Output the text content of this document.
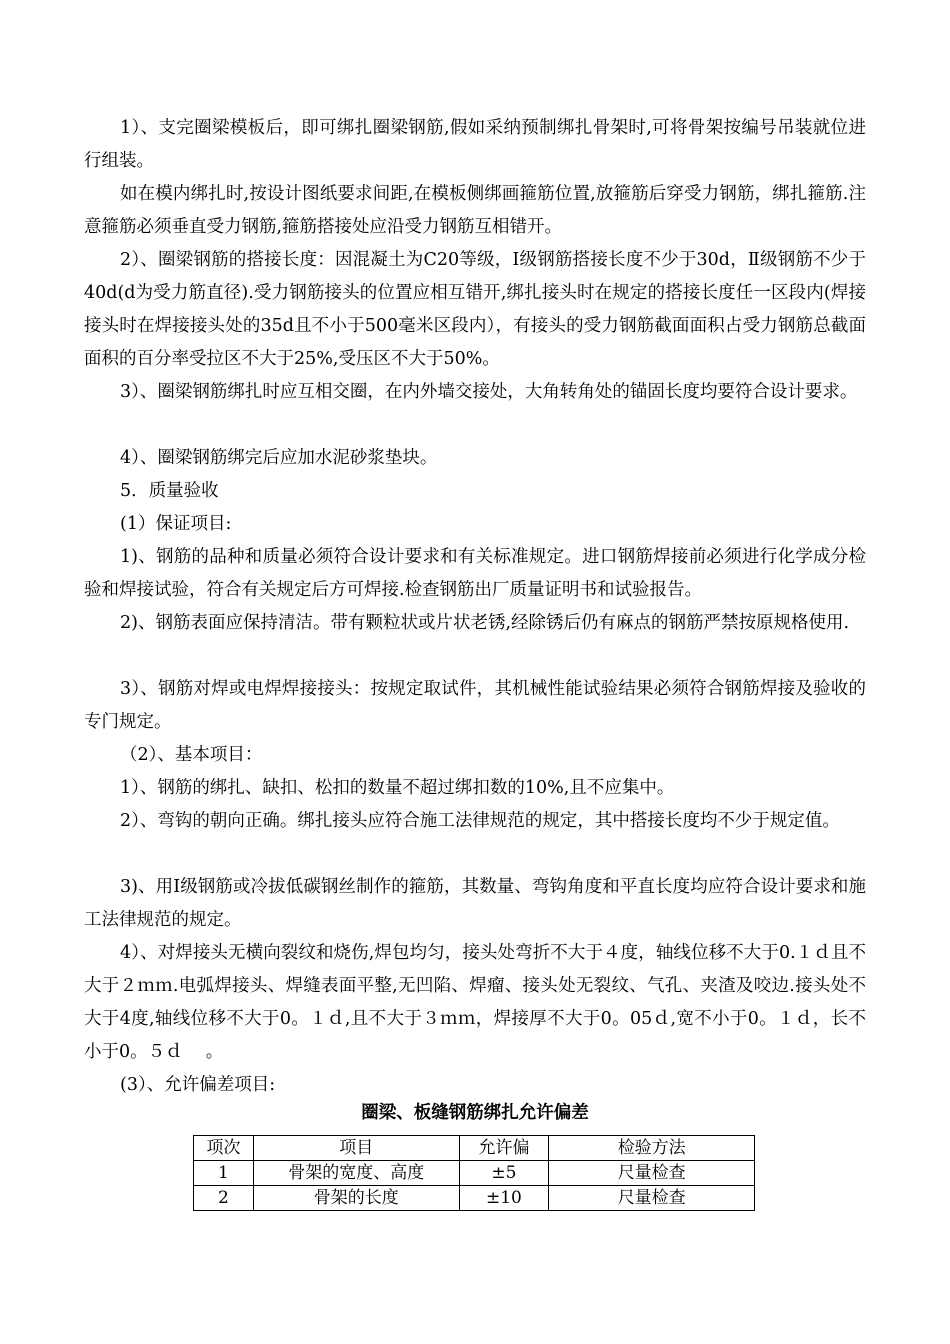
1）、支完圈梁模板后，即可绑扎圈梁钢筋,假如采纳预制绑扎骨架时,可将骨架按编号吊装就位进行组装。

如在模内绑扎时,按设计图纸要求间距,在模板侧绑画箍筋位置,放箍筋后穿受力钢筋，绑扎箍筋.注意箍筋必须垂直受力钢筋,箍筋搭接处应沿受力钢筋互相错开。

2）、圈梁钢筋的搭接长度：因混凝土为C20等级，Ⅰ级钢筋搭接长度不少于30d，Ⅱ级钢筋不少于40d(d为受力筋直径).受力钢筋接头的位置应相互错开,绑扎接头时在规定的搭接长度任一区段内(焊接接头时在焊接接头处的35d且不小于500毫米区段内），有接头的受力钢筋截面面积占受力钢筋总截面面积的百分率受拉区不大于25%,受压区不大于50%。

3）、圈梁钢筋绑扎时应互相交圈，在内外墙交接处，大角转角处的锚固长度均要符合设计要求。

4）、圈梁钢筋绑完后应加水泥砂浆垫块。

5．质量验收

(1）保证项目:

1)、钢筋的品种和质量必须符合设计要求和有关标准规定。进口钢筋焊接前必须进行化学成分检验和焊接试验，符合有关规定后方可焊接.检查钢筋出厂质量证明书和试验报告。

2)、钢筋表面应保持清洁。带有颗粒状或片状老锈,经除锈后仍有麻点的钢筋严禁按原规格使用.

3）、钢筋对焊或电焊焊接接头：按规定取试件，其机械性能试验结果必须符合钢筋焊接及验收的专门规定。

（2）、基本项目：

1）、钢筋的绑扎、缺扣、松扣的数量不超过绑扣数的10%,且不应集中。

2）、弯钩的朝向正确。绑扎接头应符合施工法律规范的规定，其中搭接长度均不少于规定值。

3)、用Ⅰ级钢筋或冷拔低碳钢丝制作的箍筋，其数量、弯钩角度和平直长度均应符合设计要求和施工法律规范的规定。

4）、对焊接头无横向裂纹和烧伤,焊包均匀，接头处弯折不大于４度，轴线位移不大于0.１ｄ且不大于２ｍｍ.电弧焊接头、焊缝表面平整,无凹陷、焊瘤、接头处无裂纹、气孔、夹渣及咬边.接头处不大于4度,轴线位移不大于0。１ｄ,且不大于３ｍｍ，焊接厚不大于0。05ｄ,宽不小于0。１ｄ，长不小于0。５ｄ　 。

(3）、允许偏差项目:

圈梁、板缝钢筋绑扎允许偏差
项次	项目	允许偏	检验方法
1	骨架的宽度、高度	±5	尺量检查
2	骨架的长度	±10	尺量检查
